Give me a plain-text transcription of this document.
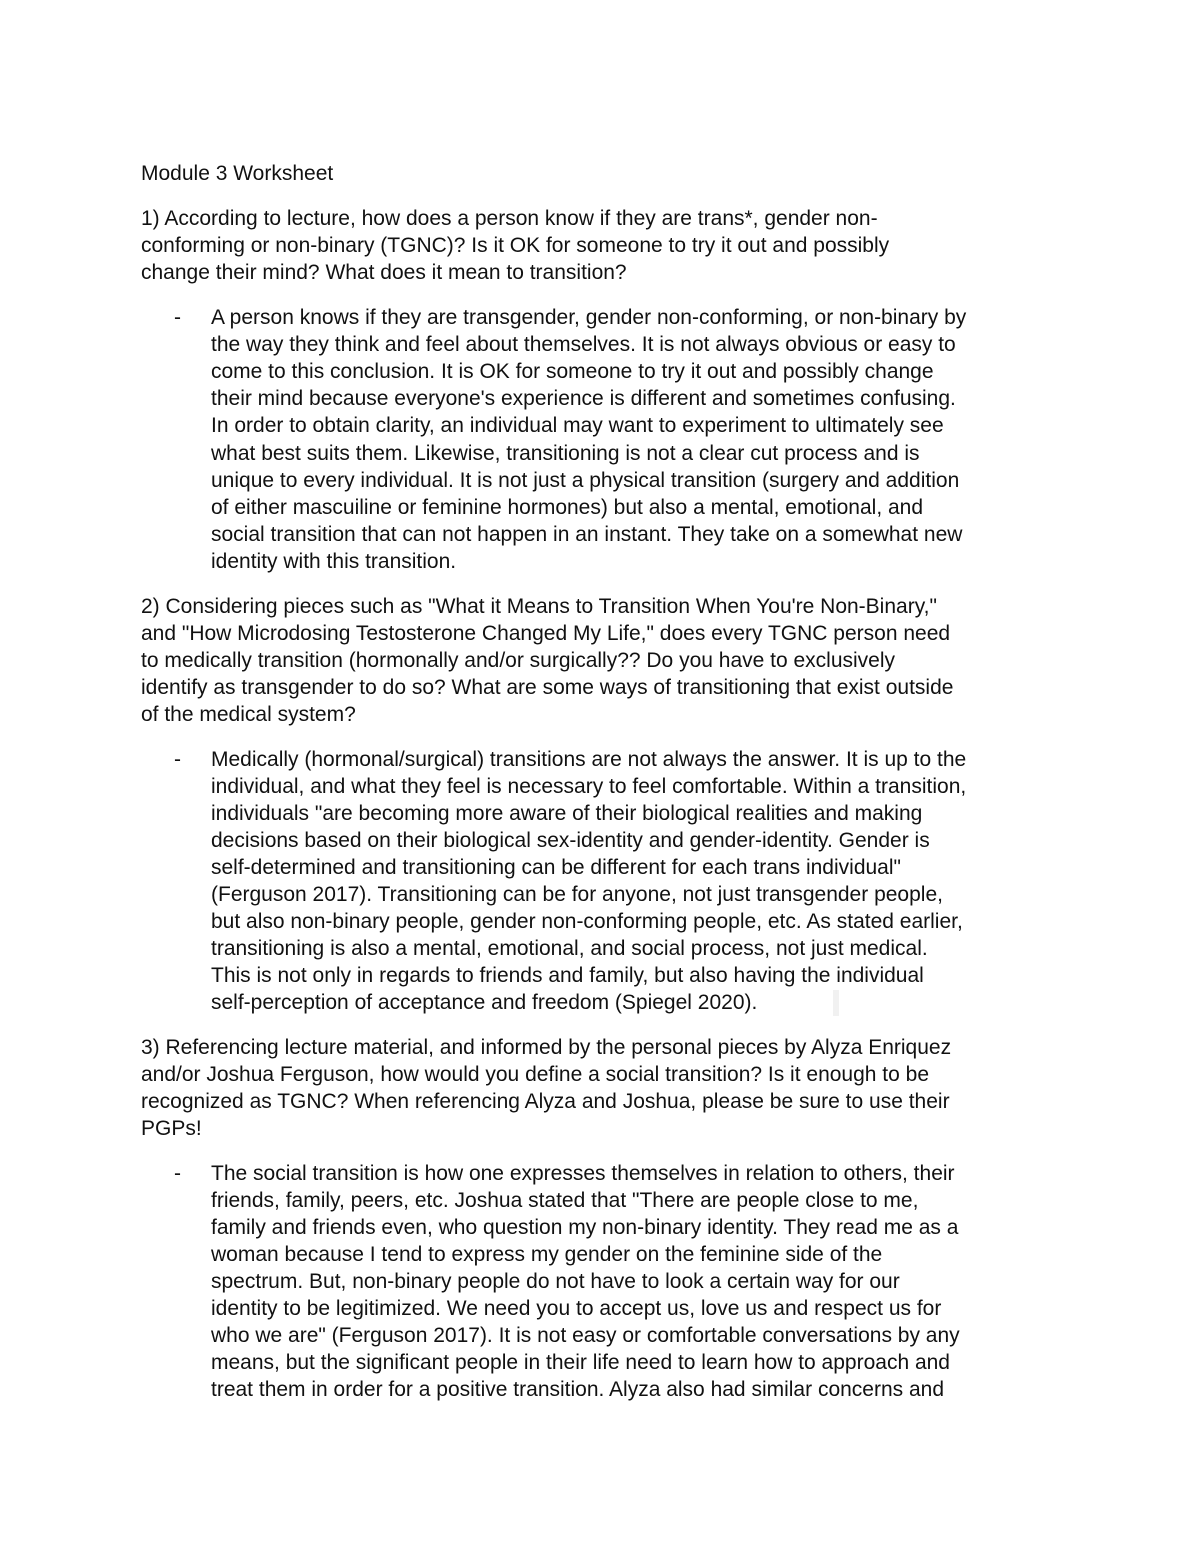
Module 3 Worksheet
1) According to lecture, how does a person know if they are trans*, gender non-
conforming or non-binary (TGNC)? Is it OK for someone to try it out and possibly
change their mind? What does it mean to transition?
- A person knows if they are transgender, gender non-conforming, or non-binary by
the way they think and feel about themselves. It is not always obvious or easy to
come to this conclusion. It is OK for someone to try it out and possibly change
their mind because everyone's experience is different and sometimes confusing.
In order to obtain clarity, an individual may want to experiment to ultimately see
what best suits them. Likewise, transitioning is not a clear cut process and is
unique to every individual. It is not just a physical transition (surgery and addition
of either mascuiline or feminine hormones) but also a mental, emotional, and
social transition that can not happen in an instant. They take on a somewhat new
identity with this transition.
2) Considering pieces such as "What it Means to Transition When You're Non-Binary,"
and "How Microdosing Testosterone Changed My Life," does every TGNC person need
to medically transition (hormonally and/or surgically?? Do you have to exclusively
identify as transgender to do so? What are some ways of transitioning that exist outside
of the medical system?
- Medically (hormonal/surgical) transitions are not always the answer. It is up to the
individual, and what they feel is necessary to feel comfortable. Within a transition,
individuals "are becoming more aware of their biological realities and making
decisions based on their biological sex-identity and gender-identity. Gender is
self-determined and transitioning can be different for each trans individual"
(Ferguson 2017). Transitioning can be for anyone, not just transgender people,
but also non-binary people, gender non-conforming people, etc. As stated earlier,
transitioning is also a mental, emotional, and social process, not just medical.
This is not only in regards to friends and family, but also having the individual
self-perception of acceptance and freedom (Spiegel 2020).
3) Referencing lecture material, and informed by the personal pieces by Alyza Enriquez
and/or Joshua Ferguson, how would you define a social transition? Is it enough to be
recognized as TGNC? When referencing Alyza and Joshua, please be sure to use their
PGPs!
- The social transition is how one expresses themselves in relation to others, their
friends, family, peers, etc. Joshua stated that "There are people close to me,
family and friends even, who question my non-binary identity. They read me as a
woman because I tend to express my gender on the feminine side of the
spectrum. But, non-binary people do not have to look a certain way for our
identity to be legitimized. We need you to accept us, love us and respect us for
who we are" (Ferguson 2017). It is not easy or comfortable conversations by any
means, but the significant people in their life need to learn how to approach and
treat them in order for a positive transition. Alyza also had similar concerns and
